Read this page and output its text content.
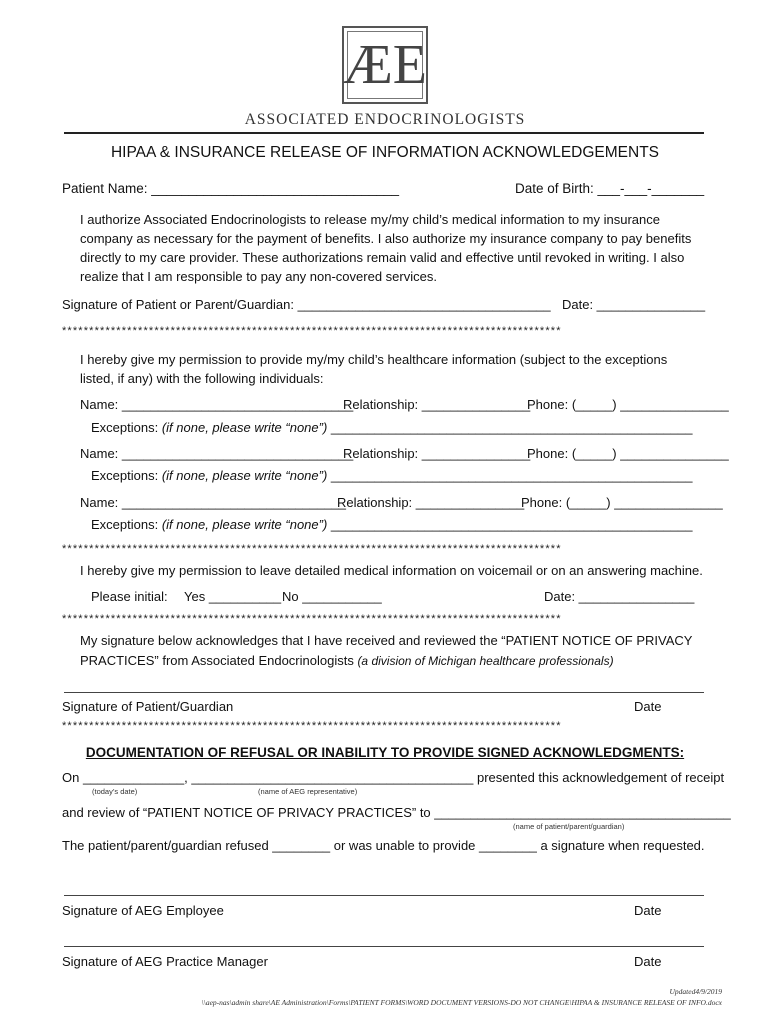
ÆE
ASSOCIATED ENDOCRINOLOGISTS
HIPAA & INSURANCE RELEASE OF INFORMATION ACKNOWLEDGEMENTS
Patient Name: _________________________________	Date of Birth: ___-___-_______
I authorize Associated Endocrinologists to release my/my child’s medical information to my insurance company as necessary for the payment of benefits. I also authorize my insurance company to pay benefits directly to my care provider. These authorizations remain valid and effective until revoked in writing. I also realize that I am responsible to pay any non-covered services.
Signature of Patient or Parent/Guardian: ___________________________________ Date: _______________
********************************************************************************************
I hereby give my permission to provide my/my child’s healthcare information (subject to the exceptions listed, if any) with the following individuals:
Name: ________________________________
Relationship: _______________
Phone: (_____) _______________
Exceptions: (if none, please write “none”) __________________________________________________
Name: ________________________________
Relationship: _______________
Phone: (_____) _______________
Exceptions: (if none, please write “none”) __________________________________________________
Name: _______________________________
Relationship: _______________
Phone: (_____) _______________
Exceptions: (if none, please write “none”) __________________________________________________
********************************************************************************************
I hereby give my permission to leave detailed medical information on voicemail or on an answering machine.
Please initial: Yes __________ No ___________	Date: ________________
********************************************************************************************
My signature below acknowledges that I have received and reviewed the “PATIENT NOTICE OF PRIVACY
PRACTICES” from Associated Endocrinologists (a division of Michigan healthcare professionals)
Signature of Patient/Guardian	Date
********************************************************************************************
DOCUMENTATION OF REFUSAL OR INABILITY TO PROVIDE SIGNED ACKNOWLEDGMENTS:
On ______________, _______________________________________ presented this acknowledgement of receipt
(today’s date)	(name of AEG representative)
and review of “PATIENT NOTICE OF PRIVACY PRACTICES” to _________________________________________
(name of patient/parent/guardian)
The patient/parent/guardian refused ________ or was unable to provide ________ a signature when requested.
Signature of AEG Employee	Date
Signature of AEG Practice Manager	Date
Updated4/9/2019
\\aep-nas\admin share\AE Administration\Forms\PATIENT FORMS\WORD DOCUMENT VERSIONS-DO NOT CHANGE\HIPAA & INSURANCE RELEASE OF INFO.docx
